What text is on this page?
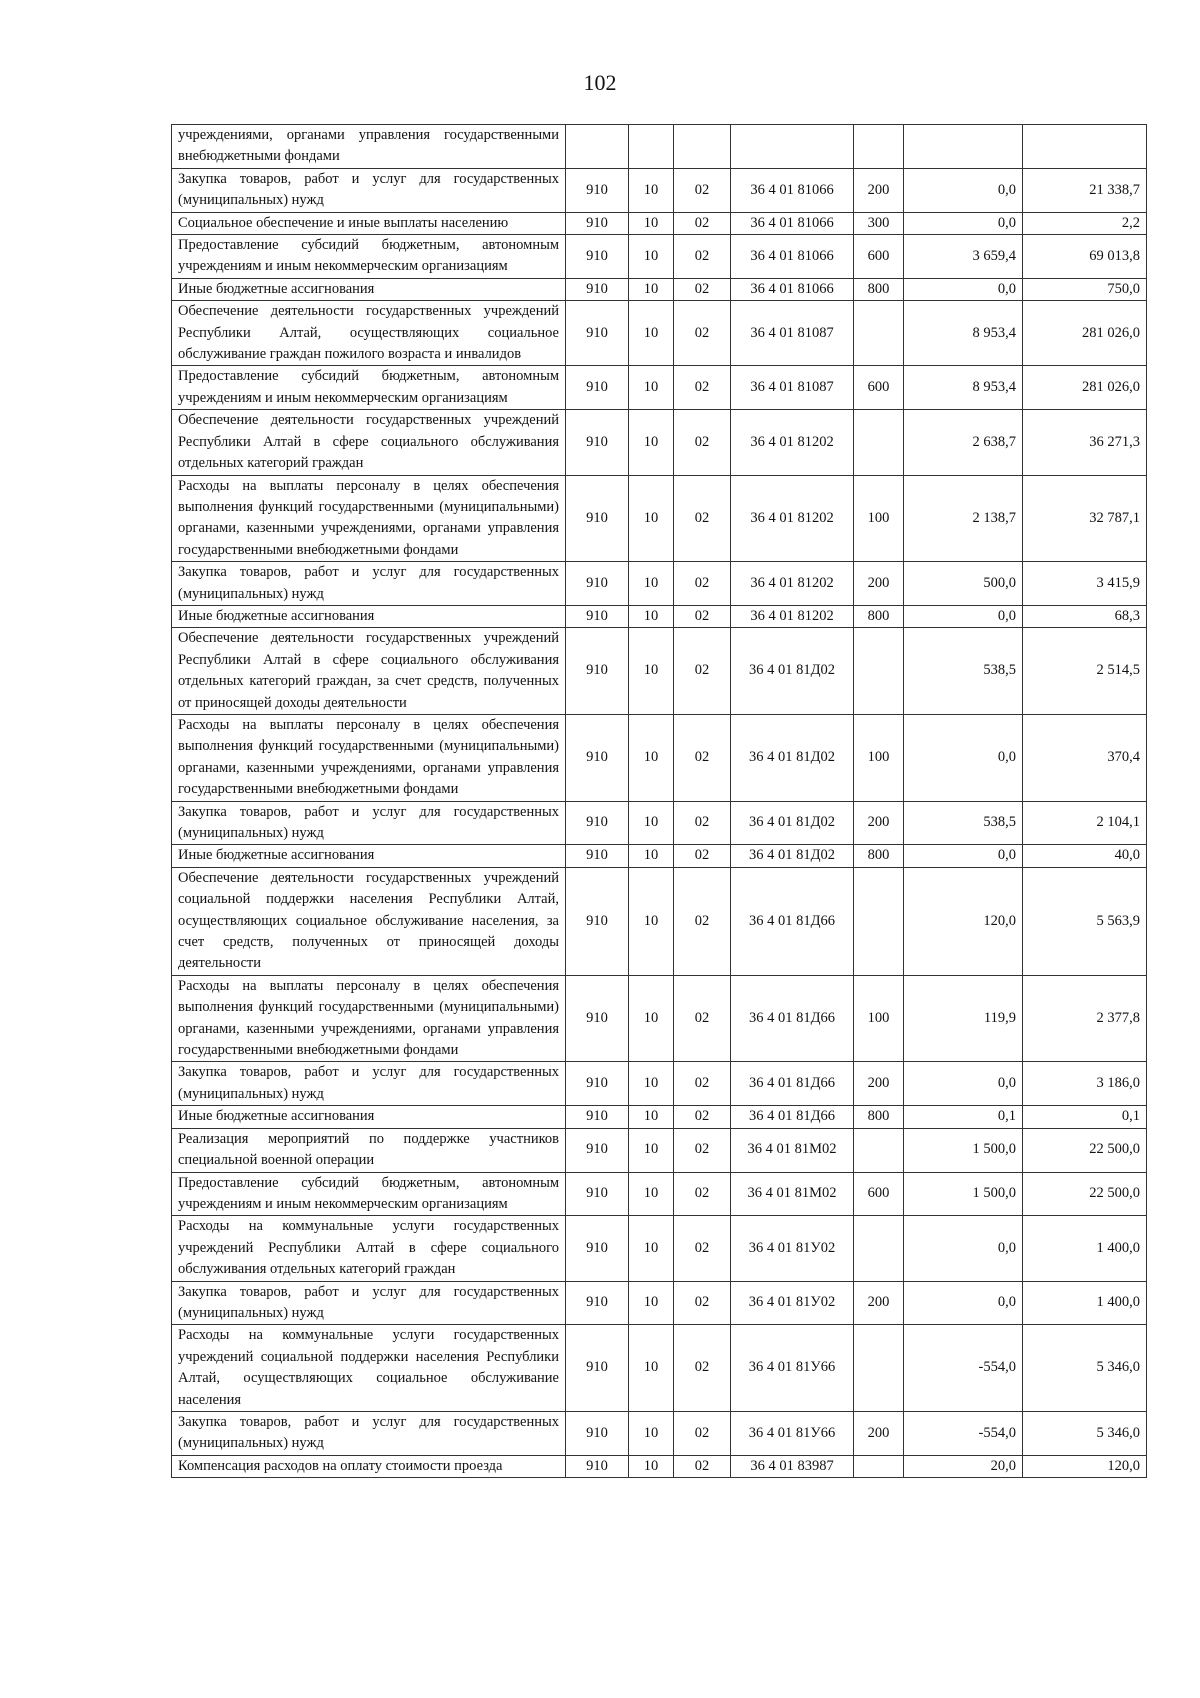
102
учреждениями, органами управления государственными внебюджетными фондами							
Закупка товаров, работ и услуг для государственных (муниципальных) нужд	910	10	02	36 4 01 81066	200	0,0	21 338,7
Социальное обеспечение и иные выплаты населению	910	10	02	36 4 01 81066	300	0,0	2,2
Предоставление субсидий бюджетным, автономным учреждениям и иным некоммерческим организациям	910	10	02	36 4 01 81066	600	3 659,4	69 013,8
Иные бюджетные ассигнования	910	10	02	36 4 01 81066	800	0,0	750,0
Обеспечение деятельности государственных учреждений Республики Алтай, осуществляющих социальное обслуживание граждан пожилого возраста и инвалидов	910	10	02	36 4 01 81087		8 953,4	281 026,0
Предоставление субсидий бюджетным, автономным учреждениям и иным некоммерческим организациям	910	10	02	36 4 01 81087	600	8 953,4	281 026,0
Обеспечение деятельности государственных учреждений Республики Алтай в сфере социального обслуживания отдельных категорий граждан	910	10	02	36 4 01 81202		2 638,7	36 271,3
Расходы на выплаты персоналу в целях обеспечения выполнения функций государственными (муниципальными) органами, казенными учреждениями, органами управления государственными внебюджетными фондами	910	10	02	36 4 01 81202	100	2 138,7	32 787,1
Закупка товаров, работ и услуг для государственных (муниципальных) нужд	910	10	02	36 4 01 81202	200	500,0	3 415,9
Иные бюджетные ассигнования	910	10	02	36 4 01 81202	800	0,0	68,3
Обеспечение деятельности государственных учреждений Республики Алтай в сфере социального обслуживания отдельных категорий граждан, за счет средств, полученных от приносящей доходы деятельности	910	10	02	36 4 01 81Д02		538,5	2 514,5
Расходы на выплаты персоналу в целях обеспечения выполнения функций государственными (муниципальными) органами, казенными учреждениями, органами управления государственными внебюджетными фондами	910	10	02	36 4 01 81Д02	100	0,0	370,4
Закупка товаров, работ и услуг для государственных (муниципальных) нужд	910	10	02	36 4 01 81Д02	200	538,5	2 104,1
Иные бюджетные ассигнования	910	10	02	36 4 01 81Д02	800	0,0	40,0
Обеспечение деятельности государственных учреждений социальной поддержки населения Республики Алтай, осуществляющих социальное обслуживание населения, за счет средств, полученных от приносящей доходы деятельности	910	10	02	36 4 01 81Д66		120,0	5 563,9
Расходы на выплаты персоналу в целях обеспечения выполнения функций государственными (муниципальными) органами, казенными учреждениями, органами управления государственными внебюджетными фондами	910	10	02	36 4 01 81Д66	100	119,9	2 377,8
Закупка товаров, работ и услуг для государственных (муниципальных) нужд	910	10	02	36 4 01 81Д66	200	0,0	3 186,0
Иные бюджетные ассигнования	910	10	02	36 4 01 81Д66	800	0,1	0,1
Реализация мероприятий по поддержке участников специальной военной операции	910	10	02	36 4 01 81М02		1 500,0	22 500,0
Предоставление субсидий бюджетным, автономным учреждениям и иным некоммерческим организациям	910	10	02	36 4 01 81М02	600	1 500,0	22 500,0
Расходы на коммунальные услуги государственных учреждений Республики Алтай в сфере социального обслуживания отдельных категорий граждан	910	10	02	36 4 01 81У02		0,0	1 400,0
Закупка товаров, работ и услуг для государственных (муниципальных) нужд	910	10	02	36 4 01 81У02	200	0,0	1 400,0
Расходы на коммунальные услуги государственных учреждений социальной поддержки населения Республики Алтай, осуществляющих социальное обслуживание населения	910	10	02	36 4 01 81У66		-554,0	5 346,0
Закупка товаров, работ и услуг для государственных (муниципальных) нужд	910	10	02	36 4 01 81У66	200	-554,0	5 346,0
Компенсация расходов на оплату стоимости проезда	910	10	02	36 4 01 83987		20,0	120,0
